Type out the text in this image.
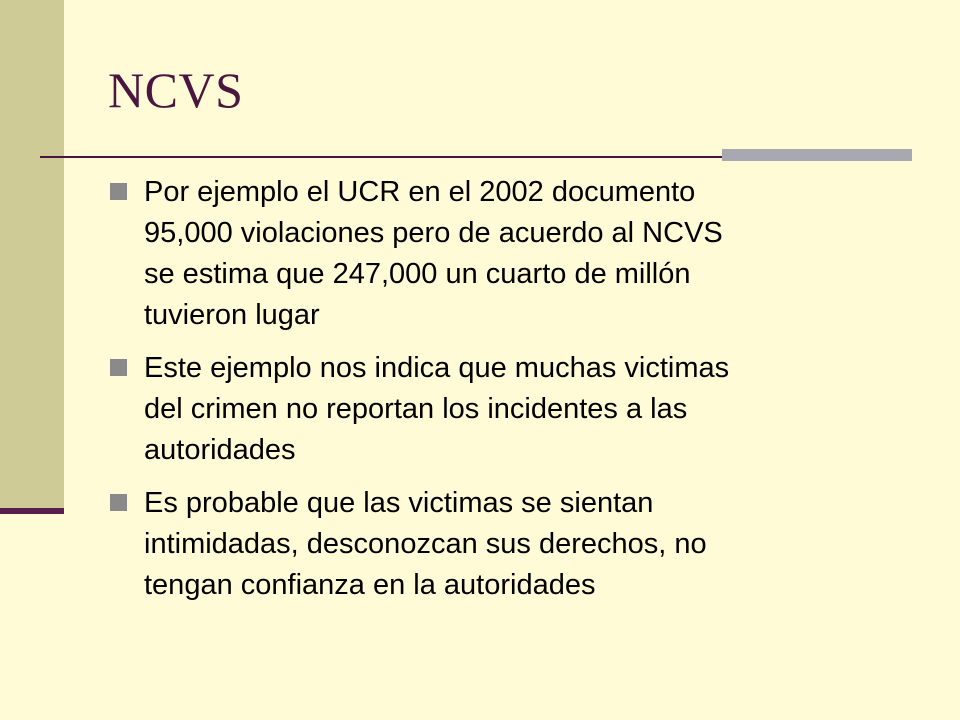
NCVS
Por ejemplo el UCR en el 2002 documento
95,000 violaciones pero de acuerdo al NCVS
se estima que 247,000 un cuarto de millón
tuvieron lugar
Este ejemplo nos indica que muchas victimas
del crimen no reportan los incidentes a las
autoridades
Es probable que las victimas se sientan
intimidadas, desconozcan sus derechos, no
tengan confianza en la autoridades
